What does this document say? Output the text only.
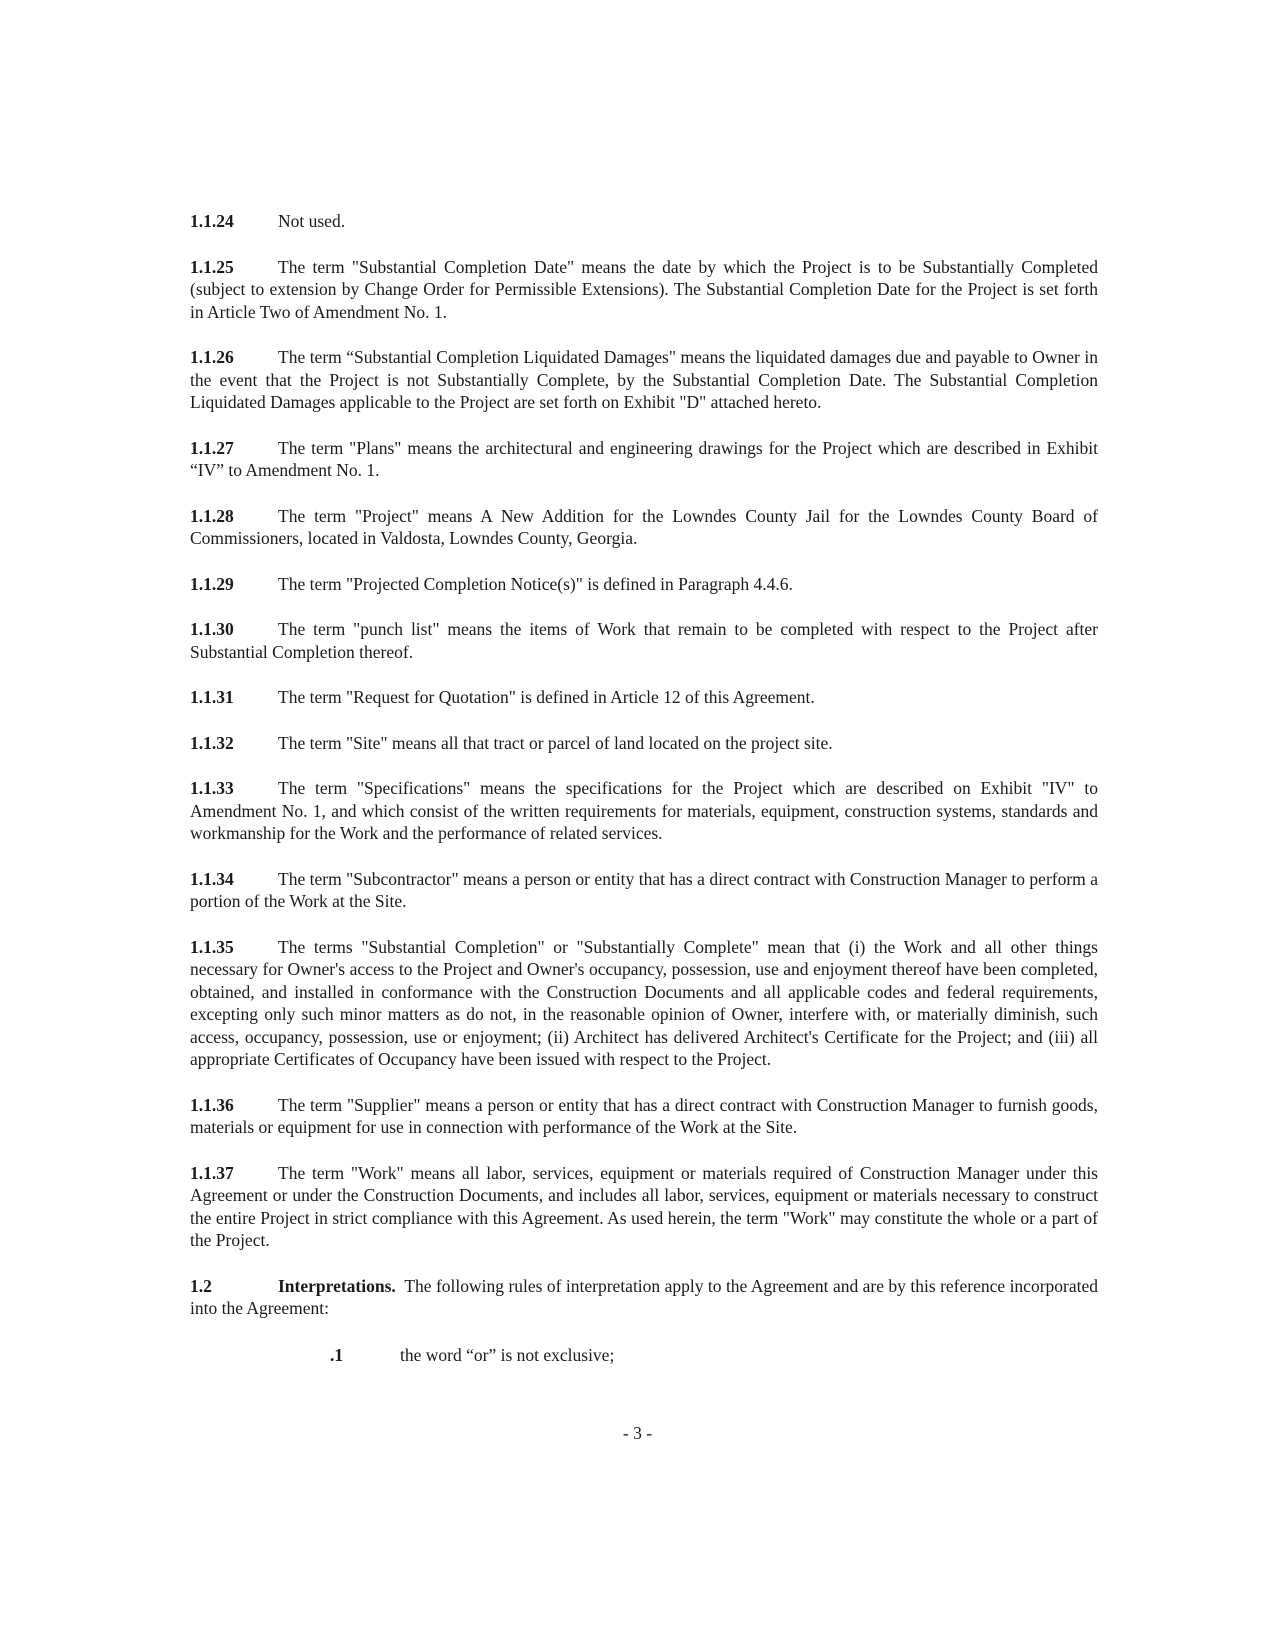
1.1.24	Not used.

1.1.25	The term "Substantial Completion Date" means the date by which the Project is to be Substantially Completed (subject to extension by Change Order for Permissible Extensions). The Substantial Completion Date for the Project is set forth in Article Two of Amendment No. 1.

1.1.26	The term “Substantial Completion Liquidated Damages" means the liquidated damages due and payable to Owner in the event that the Project is not Substantially Complete, by the Substantial Completion Date. The Substantial Completion Liquidated Damages applicable to the Project are set forth on Exhibit "D" attached hereto.

1.1.27	The term "Plans" means the architectural and engineering drawings for the Project which are described in Exhibit “IV” to Amendment No. 1.

1.1.28	The term "Project" means A New Addition for the Lowndes County Jail for the Lowndes County Board of Commissioners, located in Valdosta, Lowndes County, Georgia.

1.1.29	The term "Projected Completion Notice(s)" is defined in Paragraph 4.4.6.

1.1.30	The term "punch list" means the items of Work that remain to be completed with respect to the Project after Substantial Completion thereof.

1.1.31	The term "Request for Quotation" is defined in Article 12 of this Agreement.

1.1.32	The term "Site" means all that tract or parcel of land located on the project site.

1.1.33	The term "Specifications" means the specifications for the Project which are described on Exhibit "IV" to Amendment No. 1, and which consist of the written requirements for materials, equipment, construction systems, standards and workmanship for the Work and the performance of related services.

1.1.34	The term "Subcontractor" means a person or entity that has a direct contract with Construction Manager to perform a portion of the Work at the Site.

1.1.35	The terms "Substantial Completion" or "Substantially Complete" mean that (i) the Work and all other things necessary for Owner's access to the Project and Owner's occupancy, possession, use and enjoyment thereof have been completed, obtained, and installed in conformance with the Construction Documents and all applicable codes and federal requirements, excepting only such minor matters as do not, in the reasonable opinion of Owner, interfere with, or materially diminish, such access, occupancy, possession, use or enjoyment; (ii) Architect has delivered Architect's Certificate for the Project; and (iii) all appropriate Certificates of Occupancy have been issued with respect to the Project.

1.1.36	The term "Supplier" means a person or entity that has a direct contract with Construction Manager to furnish goods, materials or equipment for use in connection with performance of the Work at the Site.

1.1.37	The term "Work" means all labor, services, equipment or materials required of Construction Manager under this Agreement or under the Construction Documents, and includes all labor, services, equipment or materials necessary to construct the entire Project in strict compliance with this Agreement. As used herein, the term "Work" may constitute the whole or a part of the Project.

1.2	Interpretations. The following rules of interpretation apply to the Agreement and are by this reference incorporated into the Agreement:

.1	the word “or” is not exclusive;

- 3 -
